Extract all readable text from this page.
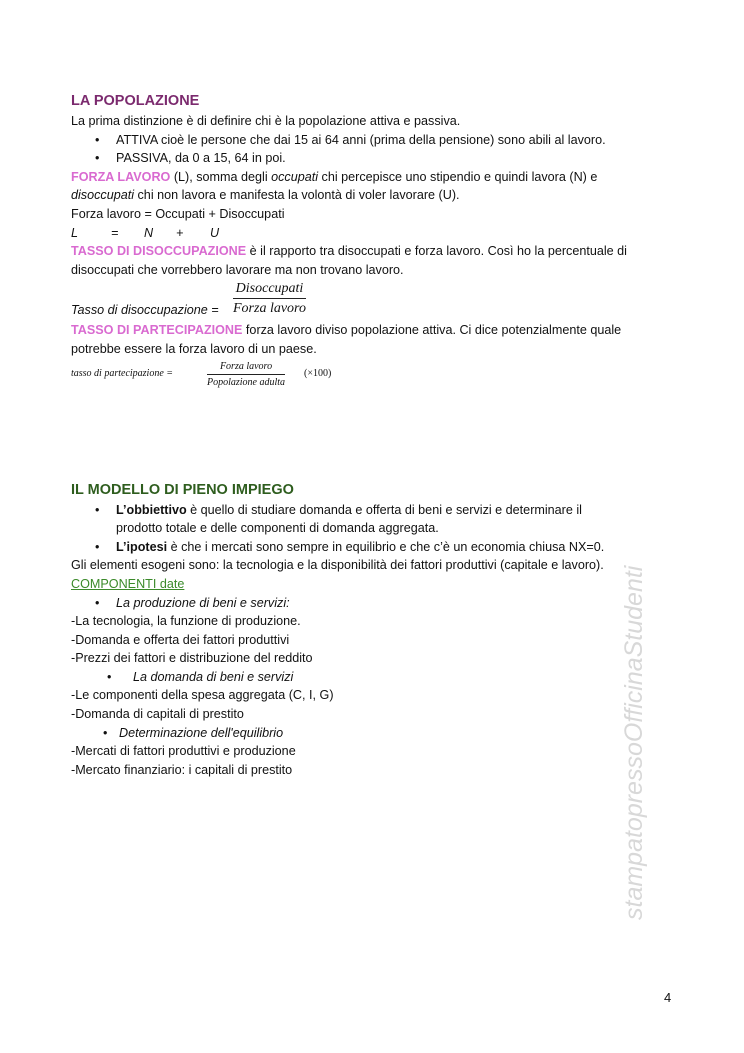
LA POPOLAZIONE
La prima distinzione è di definire chi è la popolazione attiva e passiva.
• ATTIVA cioè le persone che dai 15 ai 64 anni (prima della pensione) sono abili al lavoro.
• PASSIVA, da 0 a 15, 64 in poi.
FORZA LAVORO (L), somma degli occupati chi percepisce uno stipendio e quindi lavora (N) e
disoccupati chi non lavora e manifesta la volontà di voler lavorare (U).
Forza lavoro = Occupati + Disoccupati
L	= N + U
TASSO DI DISOCCUPAZIONE è il rapporto tra disoccupati e forza lavoro. Così ho la percentuale di
disoccupati che vorrebbero lavorare ma non trovano lavoro.
Tasso di disoccupazione =
Disoccupati
Forza lavoro
TASSO DI PARTECIPAZIONE forza lavoro diviso popolazione attiva. Ci dice potenzialmente quale
potrebbe essere la forza lavoro di un paese.
tasso di partecipazione =
Forza lavoro
Popolazione adulta
(×100)
IL MODELLO DI PIENO IMPIEGO
• L’obbiettivo è quello di studiare domanda e offerta di beni e servizi e determinare il
prodotto totale e delle componenti di domanda aggregata.
• L’ipotesi è che i mercati sono sempre in equilibrio e che c’è un economia chiusa NX=0.
Gli elementi esogeni sono: la tecnologia e la disponibilità dei fattori produttivi (capitale e lavoro).
COMPONENTI date
• La produzione di beni e servizi:
-La tecnologia, la funzione di produzione.
-Domanda e offerta dei fattori produttivi
-Prezzi dei fattori e distribuzione del reddito
• La domanda di beni e servizi
-Le componenti della spesa aggregata (C, I, G)
-Domanda di capitali di prestito
• Determinazione dell'equilibrio
-Mercati di fattori produttivi e produzione
-Mercato finanziario: i capitali di prestito	stampatopressoOfficinaStudenti
4
